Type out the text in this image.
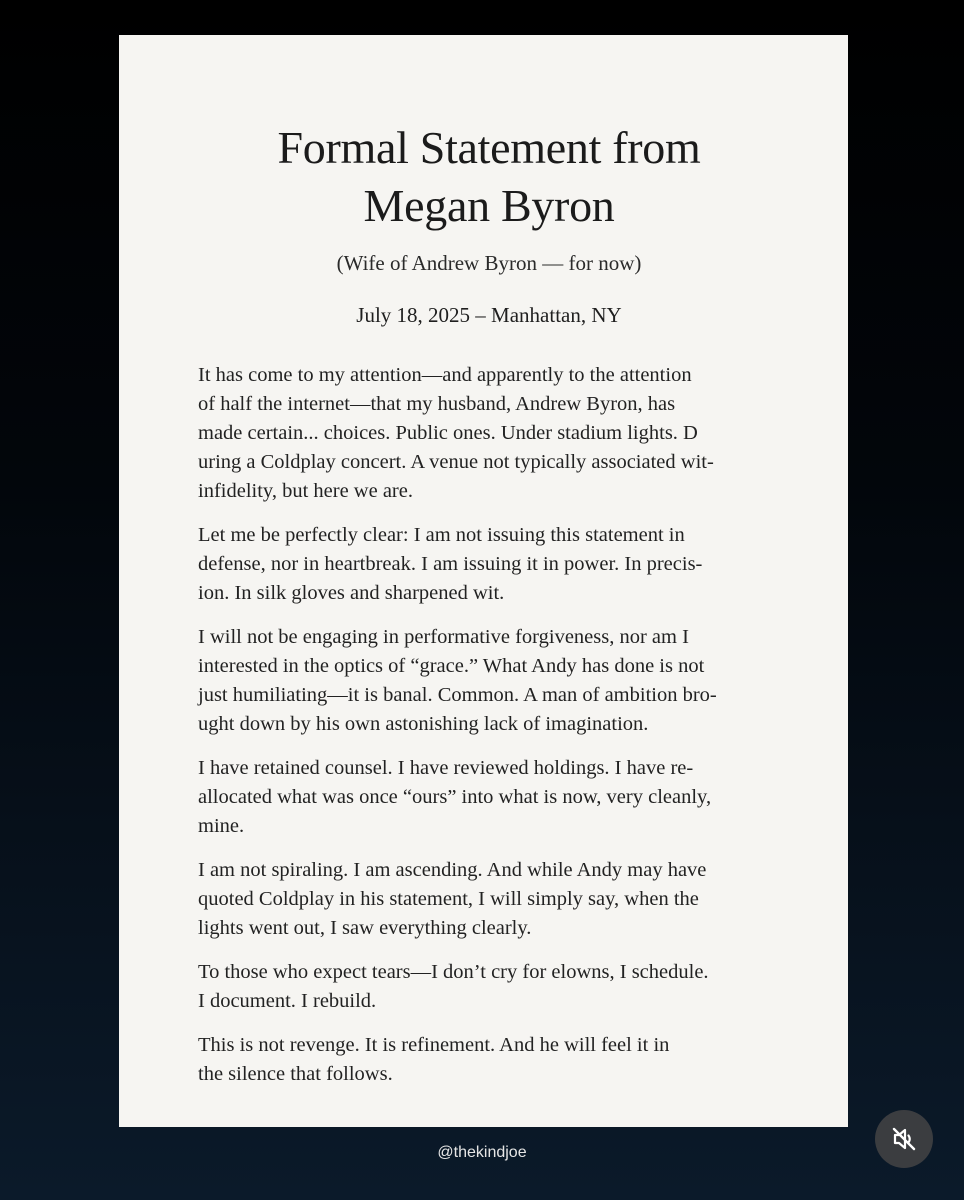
Formal Statement from
Megan Byron

(Wife of Andrew Byron — for now)

July 18, 2025 – Manhattan, NY

It has come to my attention—and apparently to the attention
of half the internet—that my husband, Andrew Byron, has
made certain... choices. Public ones. Under stadium lights. D
uring a Coldplay concert. A venue not typically associated wit-
infidelity, but here we are.

Let me be perfectly clear: I am not issuing this statement in
defense, nor in heartbreak. I am issuing it in power. In precis-
ion. In silk gloves and sharpened wit.

I will not be engaging in performative forgiveness, nor am I
interested in the optics of “grace.” What Andy has done is not
just humiliating—it is banal. Common. A man of ambition bro-
ught down by his own astonishing lack of imagination.

I have retained counsel. I have reviewed holdings. I have re-
allocated what was once “ours” into what is now, very cleanly,
mine.

I am not spiraling. I am ascending. And while Andy may have
quoted Coldplay in his statement, I will simply say, when the
lights went out, I saw everything clearly.

To those who expect tears—I don’t cry for elowns, I schedule.
I document. I rebuild.

This is not revenge. It is refinement. And he will feel it in
the silence that follows.

@thekindjoe
